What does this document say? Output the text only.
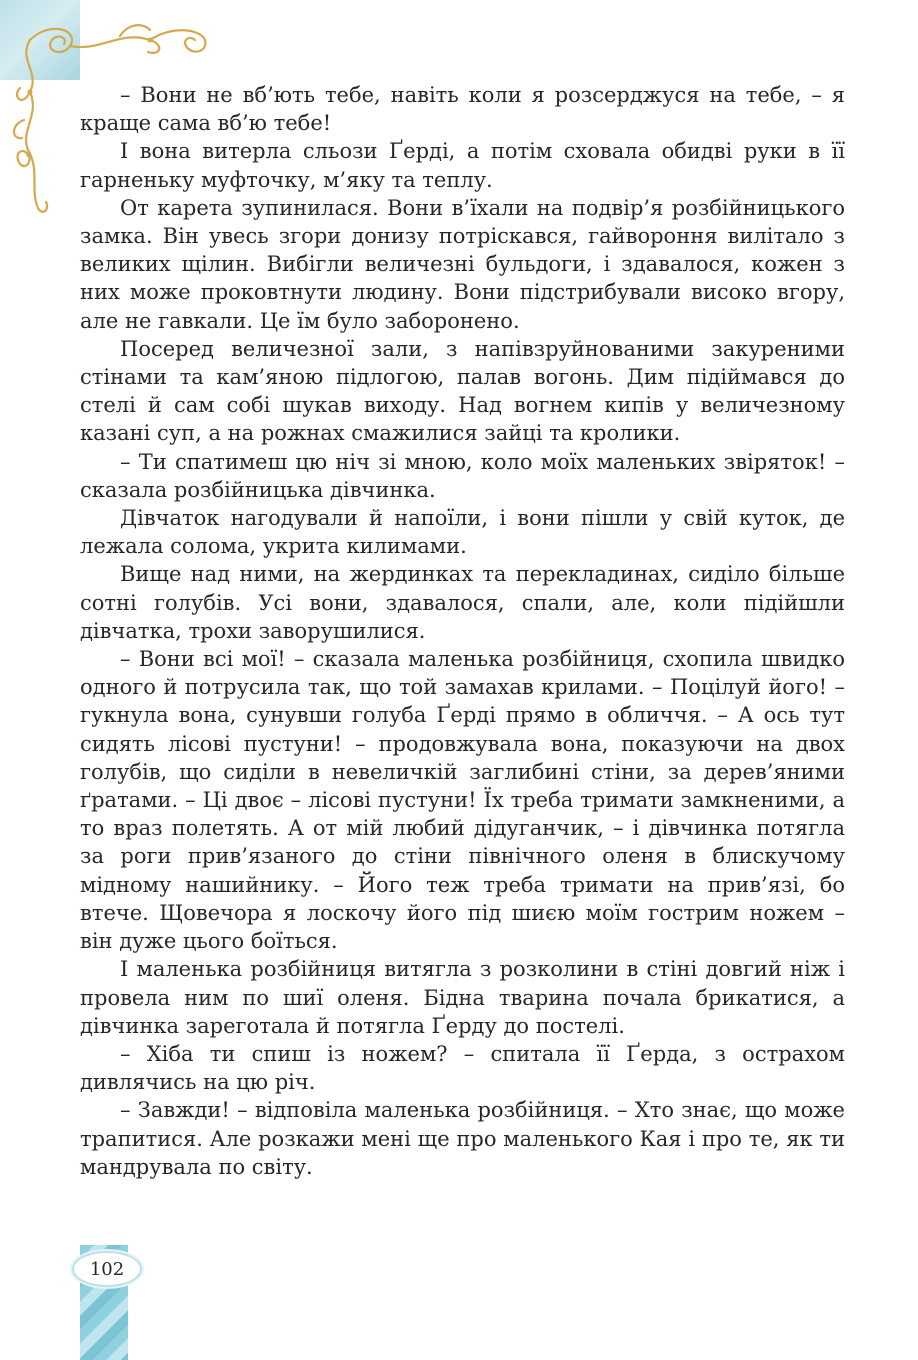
102

– Вони не вб’ють тебе, навіть коли я розсерджуся на тебе, – я краще сама вб’ю тебе!

І вона витерла сльози Ґерді, а потім сховала обидві руки в її гарненьку муфточку, м’яку та теплу.

От карета зупинилася. Вони в’їхали на подвір’я розбійницького замка. Він увесь згори донизу потріскався, гайвороння вилітало з великих щілин. Вибігли величезні бульдоги, і здавалося, кожен з них може проковтнути людину. Вони підстрибували високо вгору, але не гавкали. Це їм було заборонено.

Посеред величезної зали, з напівзруйнованими закуреними стінами та кам’яною підлогою, палав вогонь. Дим підіймався до стелі й сам собі шукав виходу. Над вогнем кипів у величезному казані суп, а на рожнах смажилися зайці та кролики.

– Ти спатимеш цю ніч зі мною, коло моїх маленьких звіряток! – сказала розбійницька дівчинка.

Дівчаток нагодували й напоїли, і вони пішли у свій куток, де лежала солома, укрита килимами.

Вище над ними, на жердинках та перекладинах, сиділо більше сотні голубів. Усі вони, здавалося, спали, але, коли підійшли дівчатка, трохи заворушилися.

– Вони всі мої! – сказала маленька розбійниця, схопила швидко одного й потрусила так, що той замахав крилами. – Поцілуй його! – гукнула вона, сунувши голуба Ґерді прямо в обличчя. – А ось тут сидять лісові пустуни! – продовжувала вона, показуючи на двох голубів, що сиділи в невеличкій заглибині стіни, за дерев’яними ґратами. – Ці двоє – лісові пустуни! Їх треба тримати замкненими, а то враз полетять. А от мій любий дідуганчик, – і дівчинка потягла за роги прив’язаного до стіни північного оленя в блискучому мідному нашийнику. – Його теж треба тримати на прив’язі, бо втече. Щовечора я лоскочу його під шиєю моїм гострим ножем – він дуже цього боїться.

І маленька розбійниця витягла з розколини в стіні довгий ніж і провела ним по шиї оленя. Бідна тварина почала брикатися, а дівчинка зареготала й потягла Ґерду до постелі.

– Хіба ти спиш із ножем? – спитала її Ґерда, з острахом дивлячись на цю річ.

– Завжди! – відповіла маленька розбійниця. – Хто знає, що може трапитися. Але розкажи мені ще про маленького Кая і про те, як ти мандрувала по світу.
